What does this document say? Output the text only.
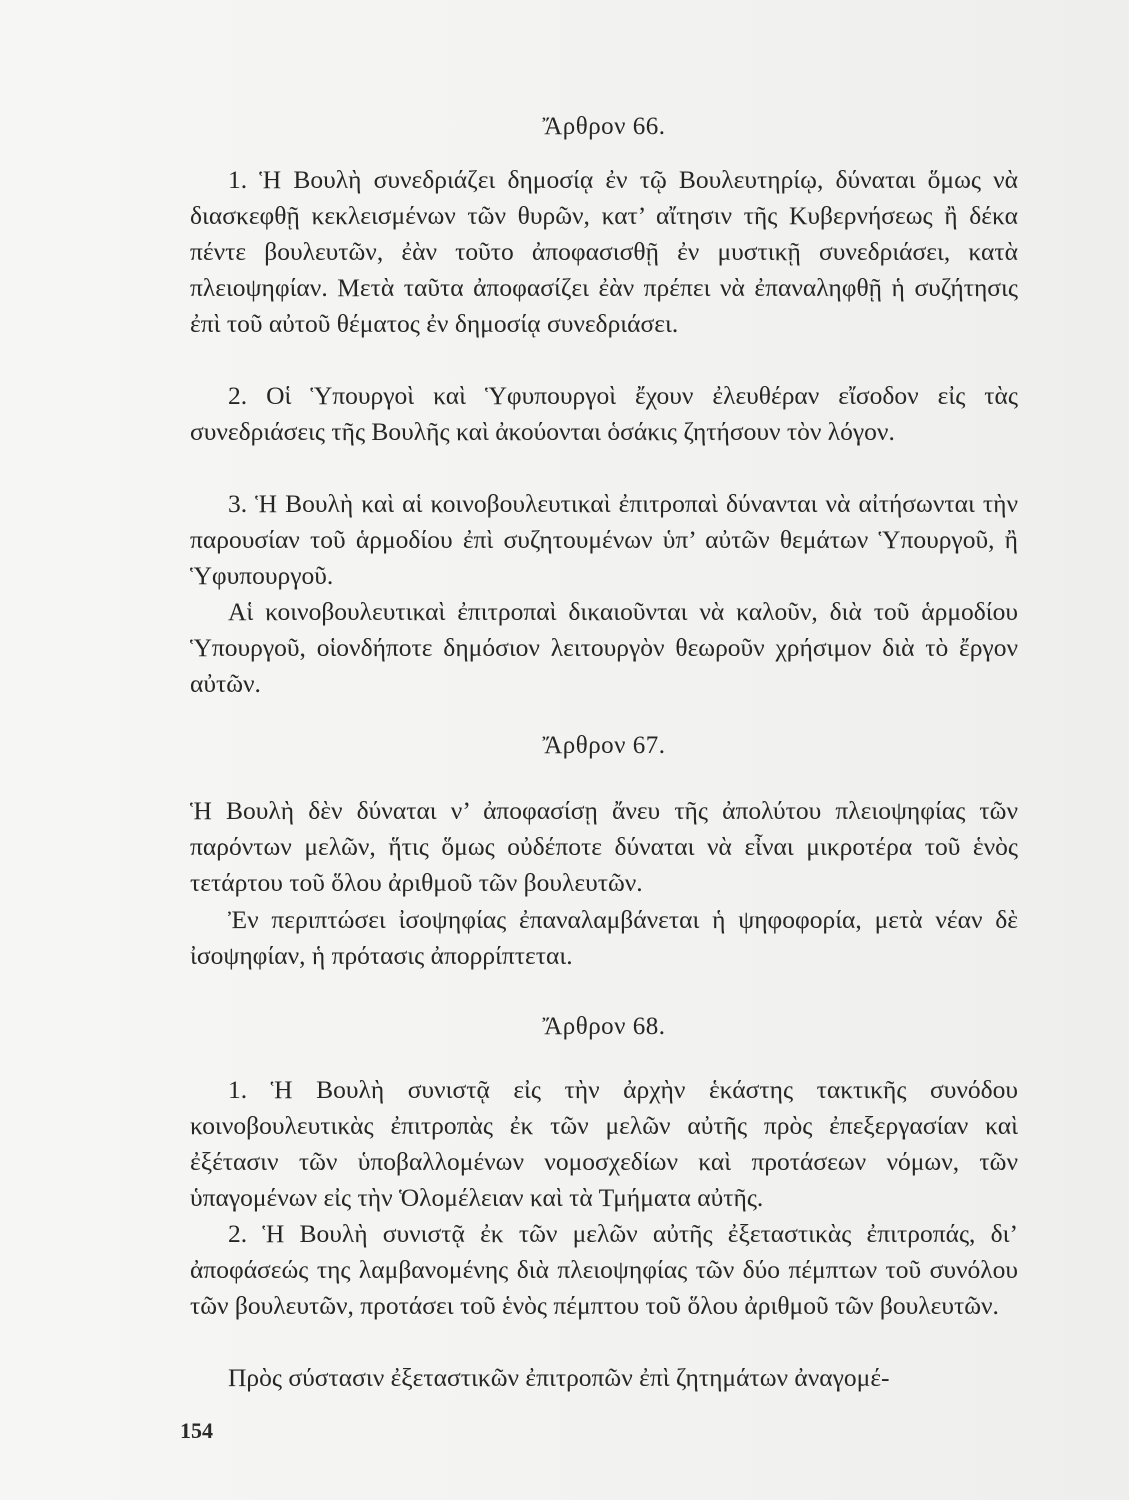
Ἄρθρον 66.

1. Ἡ Βουλὴ συνεδριάζει δημοσίᾳ ἐν τῷ Βουλευτηρίῳ, δύναται ὅμως νὰ διασκεφθῇ κεκλεισμένων τῶν θυρῶν, κατ’ αἴτησιν τῆς Κυβερνήσεως ἢ δέκα πέντε βουλευτῶν, ἐὰν τοῦτο ἀποφασισθῇ ἐν μυστικῇ συνεδριάσει, κατὰ πλειοψηφίαν. Μετὰ ταῦτα ἀποφασίζει ἐὰν πρέπει νὰ ἐπαναληφθῇ ἡ συζήτησις ἐπὶ τοῦ αὐτοῦ θέματος ἐν δημοσίᾳ συνεδριάσει.

2. Οἱ Ὑπουργοὶ καὶ Ὑφυπουργοὶ ἔχουν ἐλευθέραν εἴσοδον εἰς τὰς συνεδριάσεις τῆς Βουλῆς καὶ ἀκούονται ὁσάκις ζητήσουν τὸν λόγον.

3. Ἡ Βουλὴ καὶ αἱ κοινοβουλευτικαὶ ἐπιτροπαὶ δύνανται νὰ αἰτήσωνται τὴν παρουσίαν τοῦ ἁρμοδίου ἐπὶ συζητουμένων ὑπ’ αὐτῶν θεμάτων Ὑπουργοῦ, ἢ Ὑφυπουργοῦ.

Αἱ κοινοβουλευτικαὶ ἐπιτροπαὶ δικαιοῦνται νὰ καλοῦν, διὰ τοῦ ἁρμοδίου Ὑπουργοῦ, οἱονδήποτε δημόσιον λειτουργὸν θεωροῦν χρήσιμον διὰ τὸ ἔργον αὐτῶν.

Ἄρθρον 67.

Ἡ Βουλὴ δὲν δύναται ν’ ἀποφασίσῃ ἄνευ τῆς ἀπολύτου πλειοψηφίας τῶν παρόντων μελῶν, ἥτις ὅμως οὐδέποτε δύναται νὰ εἶναι μικροτέρα τοῦ ἑνὸς τετάρτου τοῦ ὅλου ἀριθμοῦ τῶν βουλευτῶν.

Ἐν περιπτώσει ἰσοψηφίας ἐπαναλαμβάνεται ἡ ψηφοφορία, μετὰ νέαν δὲ ἰσοψηφίαν, ἡ πρότασις ἀπορρίπτεται.

Ἄρθρον 68.

1. Ἡ Βουλὴ συνιστᾷ εἰς τὴν ἀρχὴν ἑκάστης τακτικῆς συνόδου κοινοβουλευτικὰς ἐπιτροπὰς ἐκ τῶν μελῶν αὐτῆς πρὸς ἐπεξεργασίαν καὶ ἐξέτασιν τῶν ὑποβαλλομένων νομοσχεδίων καὶ προτάσεων νόμων, τῶν ὑπαγομένων εἰς τὴν Ὁλομέλειαν καὶ τὰ Τμήματα αὐτῆς.

2. Ἡ Βουλὴ συνιστᾷ ἐκ τῶν μελῶν αὐτῆς ἐξεταστικὰς ἐπιτροπάς, δι’ ἀποφάσεώς της λαμβανομένης διὰ πλειοψηφίας τῶν δύο πέμπτων τοῦ συνόλου τῶν βουλευτῶν, προτάσει τοῦ ἑνὸς πέμπτου τοῦ ὅλου ἀριθμοῦ τῶν βουλευτῶν.

Πρὸς σύστασιν ἐξεταστικῶν ἐπιτροπῶν ἐπὶ ζητημάτων ἀναγομέ-

154
